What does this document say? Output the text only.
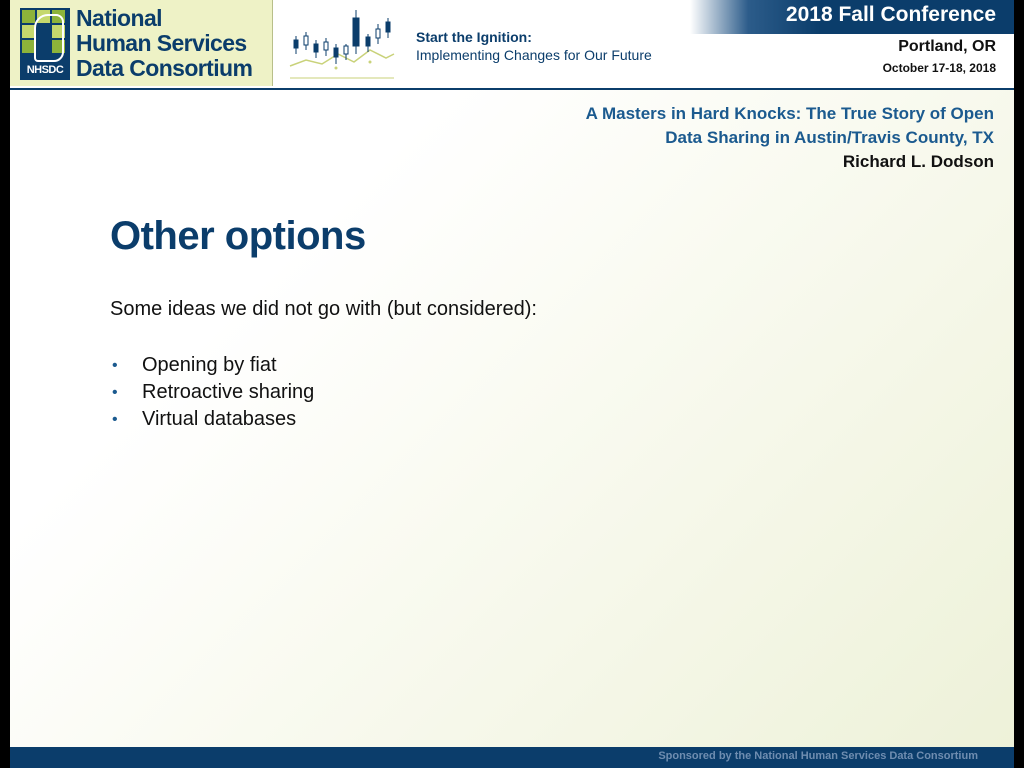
NHSDC
National
Human Services
Data Consortium
Start the Ignition:
Implementing Changes for Our Future
2018 Fall Conference
Portland, OR
October 17-18, 2018
A Masters in Hard Knocks: The True Story of Open
Data Sharing in Austin/Travis County, TX
Richard L. Dodson
Other options
Some ideas we did not go with (but considered):
• Opening by fiat
• Retroactive sharing
• Virtual databases
Sponsored by the National Human Services Data Consortium
